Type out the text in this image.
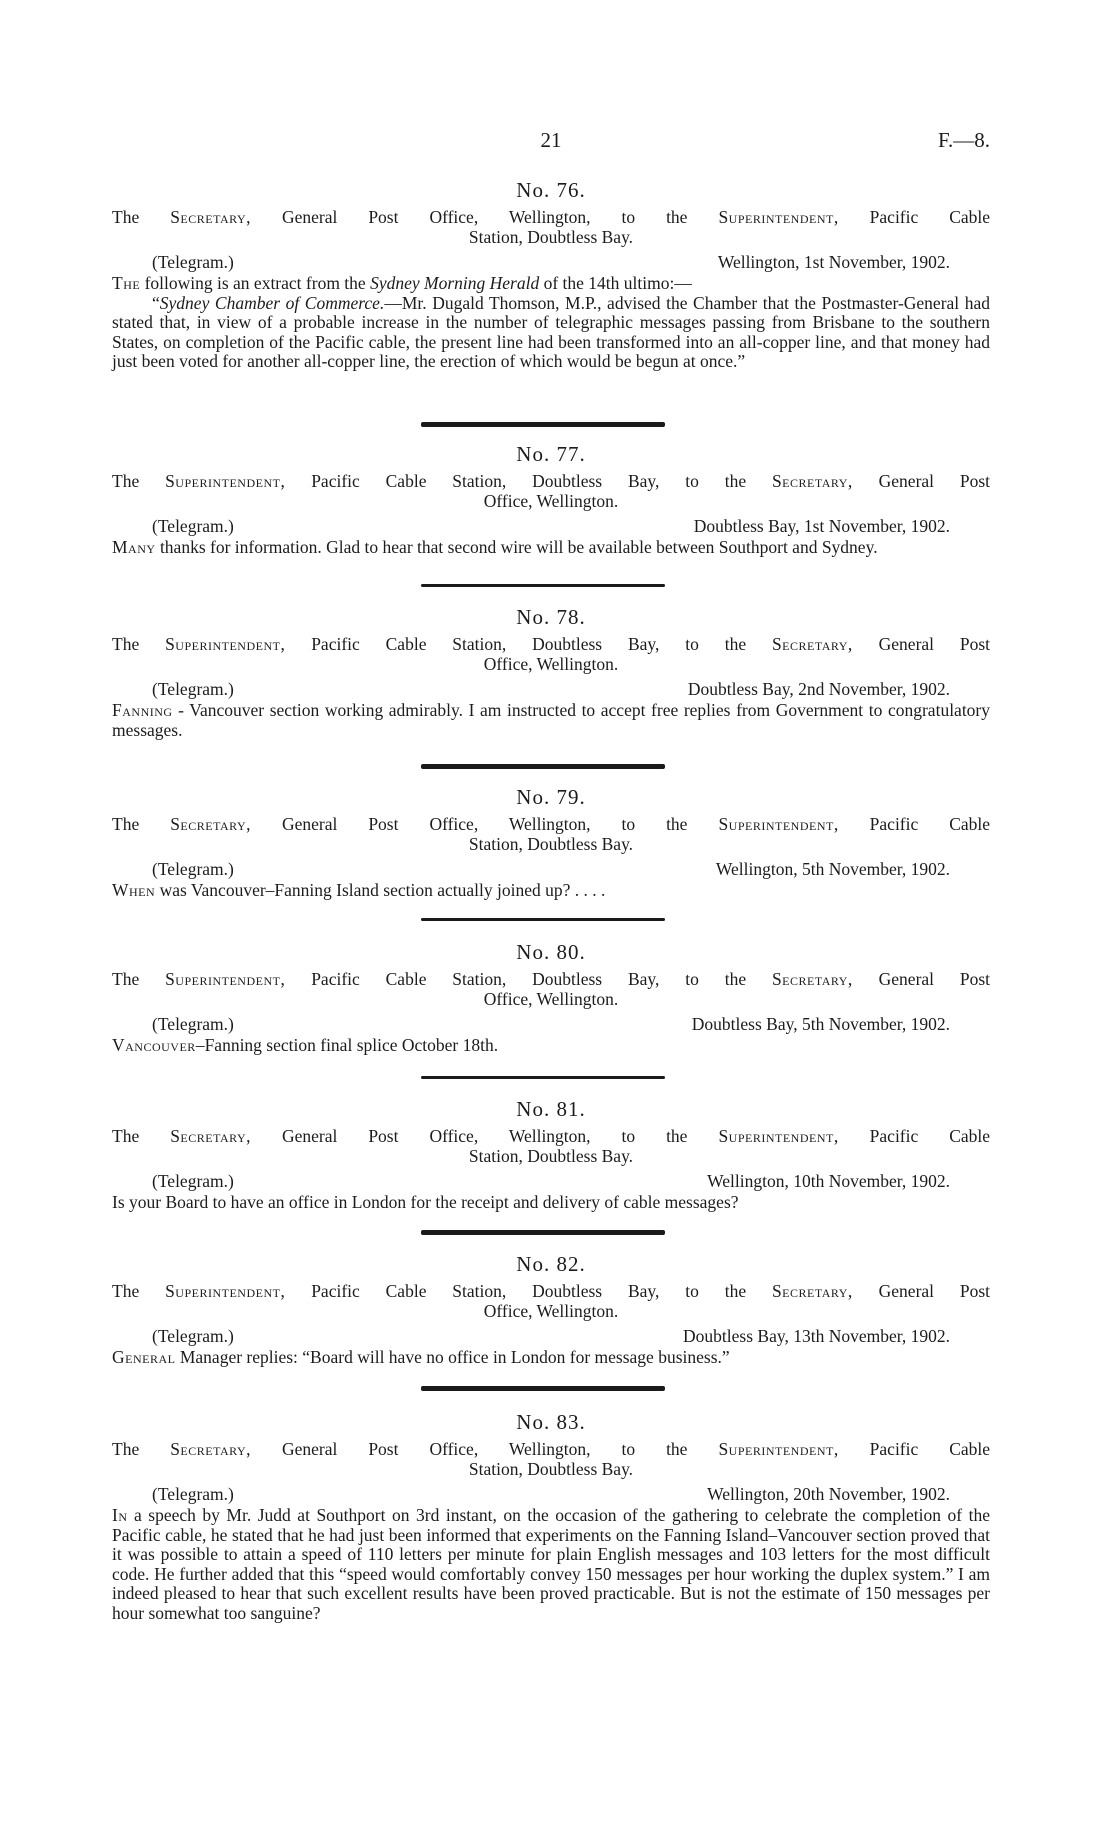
21	F.—8.
No. 76.
The Secretary, General Post Office, Wellington, to the Superintendent, Pacific Cable
Station, Doubtless Bay.
(Telegram.)	Wellington, 1st November, 1902.

The following is an extract from the Sydney Morning Herald of the 14th ultimo:—

“Sydney Chamber of Commerce.—Mr. Dugald Thomson, M.P., advised the Chamber that the Postmaster-General had stated that, in view of a probable increase in the number of telegraphic messages passing from Brisbane to the southern States, on completion of the Pacific cable, the present line had been transformed into an all-copper line, and that money had just been voted for another all-copper line, the erection of which would be begun at once.”

No. 77.
The Superintendent, Pacific Cable Station, Doubtless Bay, to the Secretary, General Post
Office, Wellington.
(Telegram.)	Doubtless Bay, 1st November, 1902.

Many thanks for information. Glad to hear that second wire will be available between Southport and Sydney.

No. 78.
The Superintendent, Pacific Cable Station, Doubtless Bay, to the Secretary, General Post
Office, Wellington.
(Telegram.)	Doubtless Bay, 2nd November, 1902.

Fanning - Vancouver section working admirably. I am instructed to accept free replies from Government to congratulatory messages.

No. 79.
The Secretary, General Post Office, Wellington, to the Superintendent, Pacific Cable
Station, Doubtless Bay.
(Telegram.)	Wellington, 5th November, 1902.

When was Vancouver–Fanning Island section actually joined up? . . . .

No. 80.
The Superintendent, Pacific Cable Station, Doubtless Bay, to the Secretary, General Post
Office, Wellington.
(Telegram.)	Doubtless Bay, 5th November, 1902.

Vancouver–Fanning section final splice October 18th.

No. 81.
The Secretary, General Post Office, Wellington, to the Superintendent, Pacific Cable
Station, Doubtless Bay.
(Telegram.)	Wellington, 10th November, 1902.

Is your Board to have an office in London for the receipt and delivery of cable messages?

No. 82.
The Superintendent, Pacific Cable Station, Doubtless Bay, to the Secretary, General Post
Office, Wellington.
(Telegram.)	Doubtless Bay, 13th November, 1902.

General Manager replies: “Board will have no office in London for message business.”

No. 83.
The Secretary, General Post Office, Wellington, to the Superintendent, Pacific Cable
Station, Doubtless Bay.
(Telegram.)	Wellington, 20th November, 1902.

In a speech by Mr. Judd at Southport on 3rd instant, on the occasion of the gathering to celebrate the completion of the Pacific cable, he stated that he had just been informed that experiments on the Fanning Island–Vancouver section proved that it was possible to attain a speed of 110 letters per minute for plain English messages and 103 letters for the most difficult code. He further added that this “speed would comfortably convey 150 messages per hour working the duplex system.” I am indeed pleased to hear that such excellent results have been proved practicable. But is not the estimate of 150 messages per hour somewhat too sanguine?
